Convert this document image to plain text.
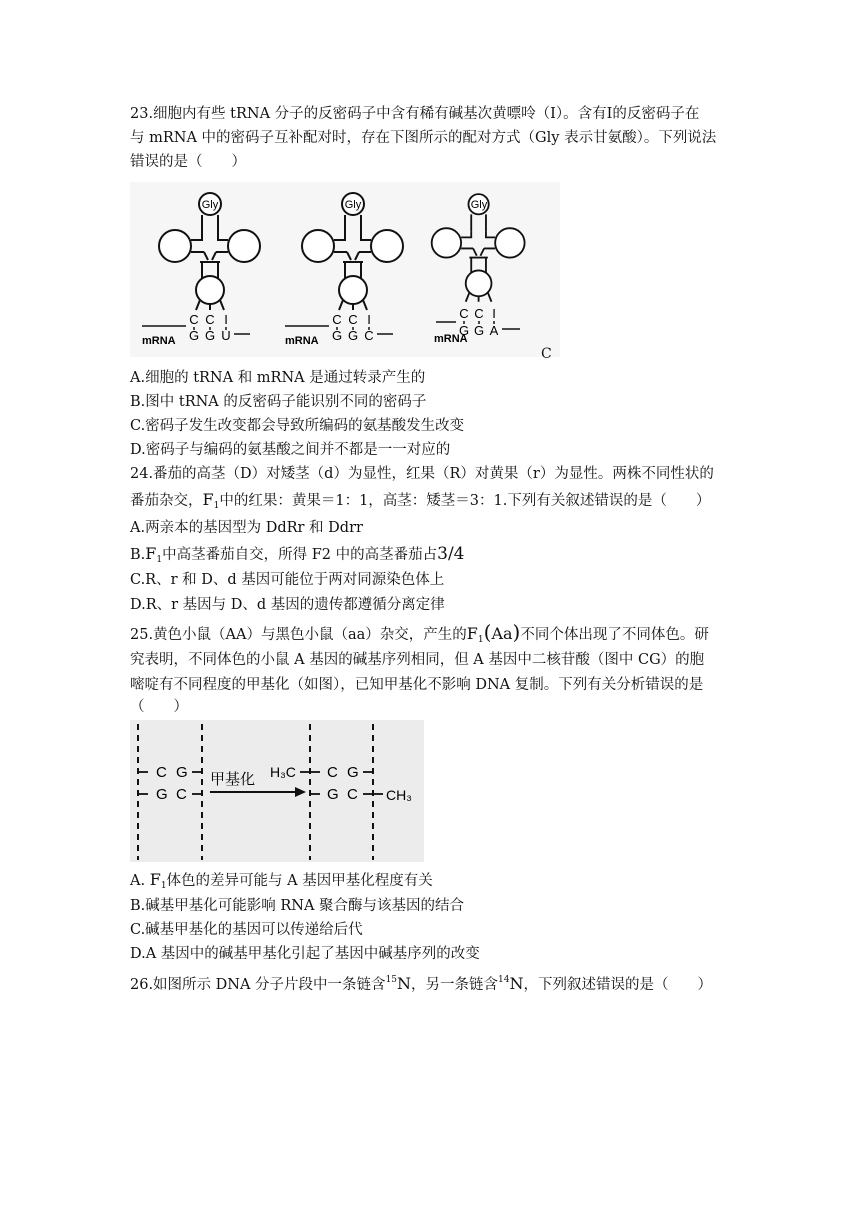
23.细胞内有些 tRNA 分子的反密码子中含有稀有碱基次黄嘌呤（Ⅰ）。含有Ⅰ的反密码子在
与 mRNA 中的密码子互补配对时，存在下图所示的配对方式（Gly 表示甘氨酸）。下列说法
错误的是（　　）
Gly
C C I
G G U
mRNA
Gly
C C I
G G C
mRNA
Gly
C C I
G G A
mRNA
C
A.细胞的 tRNA 和 mRNA 是通过转录产生的
B.图中 tRNA 的反密码子能识别不同的密码子
C.密码子发生改变都会导致所编码的氨基酸发生改变
D.密码子与编码的氨基酸之间并不都是一一对应的
24.番茄的高茎（D）对矮茎（d）为显性，红果（R）对黄果（r）为显性。两株不同性状的
番茄杂交，$F_1$中的红果：黄果＝1：1，高茎：矮茎＝3：1.下列有关叙述错误的是（　　）
A.两亲本的基因型为 DdRr 和 Ddrr
$B.F_1$中高茎番茄自交，所得 F2 中的高茎番茄占3/4
C.R、r 和 D、d 基因可能位于两对同源染色体上
D.R、r 基因与 D、d 基因的遗传都遵循分离定律
25.黄色小鼠（AA）与黑色小鼠（aa）杂交，产生的$F_1(Aa)$不同个体出现了不同体色。研
究表明，不同体色的小鼠 A 基因的碱基序列相同，但 A 基因中二核苷酸（图中 CG）的胞
嘧啶有不同程度的甲基化（如图），已知甲基化不影响 DNA 复制。下列有关分析错误的是
（　　）
C G
G C
甲基化 H₃C C G
G C CH₃
A. $F_1$体色的差异可能与 A 基因甲基化程度有关
B.碱基甲基化可能影响 RNA 聚合酶与该基因的结合
C.碱基甲基化的基因可以传递给后代
D.A 基因中的碱基甲基化引起了基因中碱基序列的改变
26.如图所示 DNA 分子片段中一条链含$^{15}$N，另一条链含$^{14}$N，下列叙述错误的是（　　）
